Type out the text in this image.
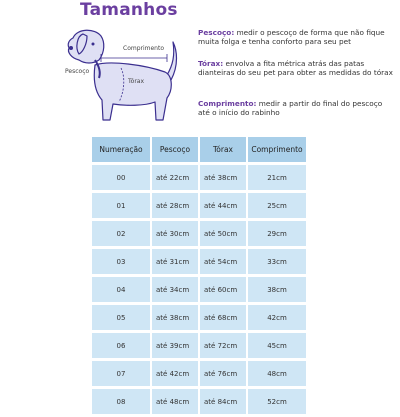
Tamanhos
Comprimento
Pescoço
Tórax
Pescoço: medir o pescoço de forma que não fique muita folga e tenha conforto para seu pet
Tórax: envolva a fita métrica atrás das patas dianteiras do seu pet para obter as medidas do tórax
Comprimento: medir a partir do final do pescoço até o início do rabinho
Numeração	Pescoço	Tórax	Comprimento
00	até 22cm	até 38cm	21cm
01	até 28cm	até 44cm	25cm
02	até 30cm	até 50cm	29cm
03	até 31cm	até 54cm	33cm
04	até 34cm	até 60cm	38cm
05	até 38cm	até 68cm	42cm
06	até 39cm	até 72cm	45cm
07	até 42cm	até 76cm	48cm
08	até 48cm	até 84cm	52cm
